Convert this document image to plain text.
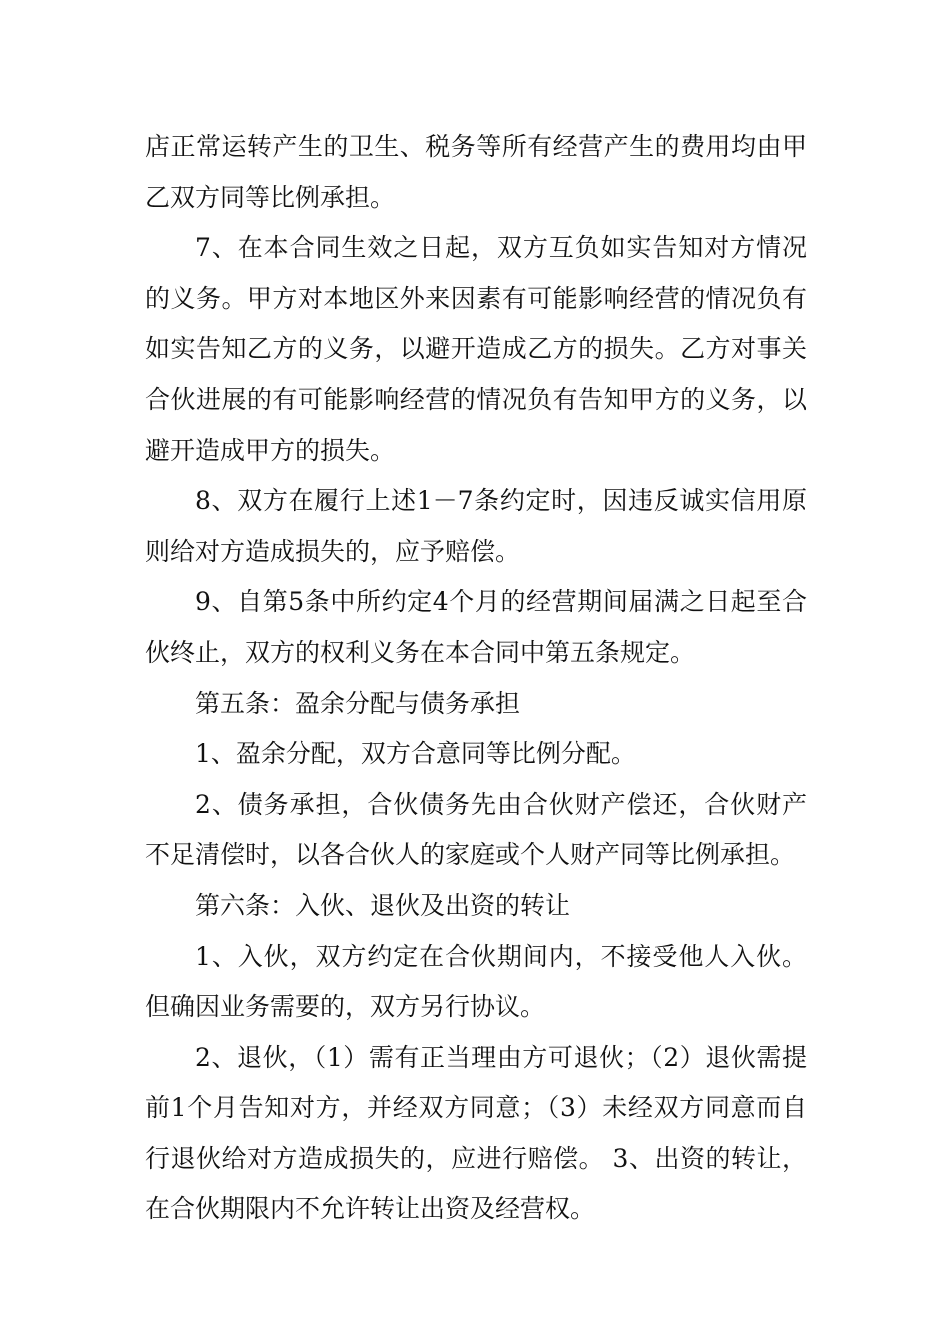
店正常运转产生的卫生、税务等所有经营产生的费用均由甲乙双方同等比例承担。

7、在本合同生效之日起，双方互负如实告知对方情况的义务。甲方对本地区外来因素有可能影响经营的情况负有如实告知乙方的义务，以避开造成乙方的损失。乙方对事关合伙进展的有可能影响经营的情况负有告知甲方的义务，以避开造成甲方的损失。

8、双方在履行上述1－7条约定时，因违反诚实信用原则给对方造成损失的，应予赔偿。

9、自第5条中所约定4个月的经营期间届满之日起至合伙终止，双方的权利义务在本合同中第五条规定。

第五条：盈余分配与债务承担

1、盈余分配，双方合意同等比例分配。

2、债务承担，合伙债务先由合伙财产偿还，合伙财产不足清偿时，以各合伙人的家庭或个人财产同等比例承担。

第六条：入伙、退伙及出资的转让

1、入伙，双方约定在合伙期间内，不接受他人入伙。但确因业务需要的，双方另行协议。

2、退伙，（1）需有正当理由方可退伙；（2）退伙需提前1个月告知对方，并经双方同意；（3）未经双方同意而自行退伙给对方造成损失的，应进行赔偿。 3、出资的转让，在合伙期限内不允许转让出资及经营权。
